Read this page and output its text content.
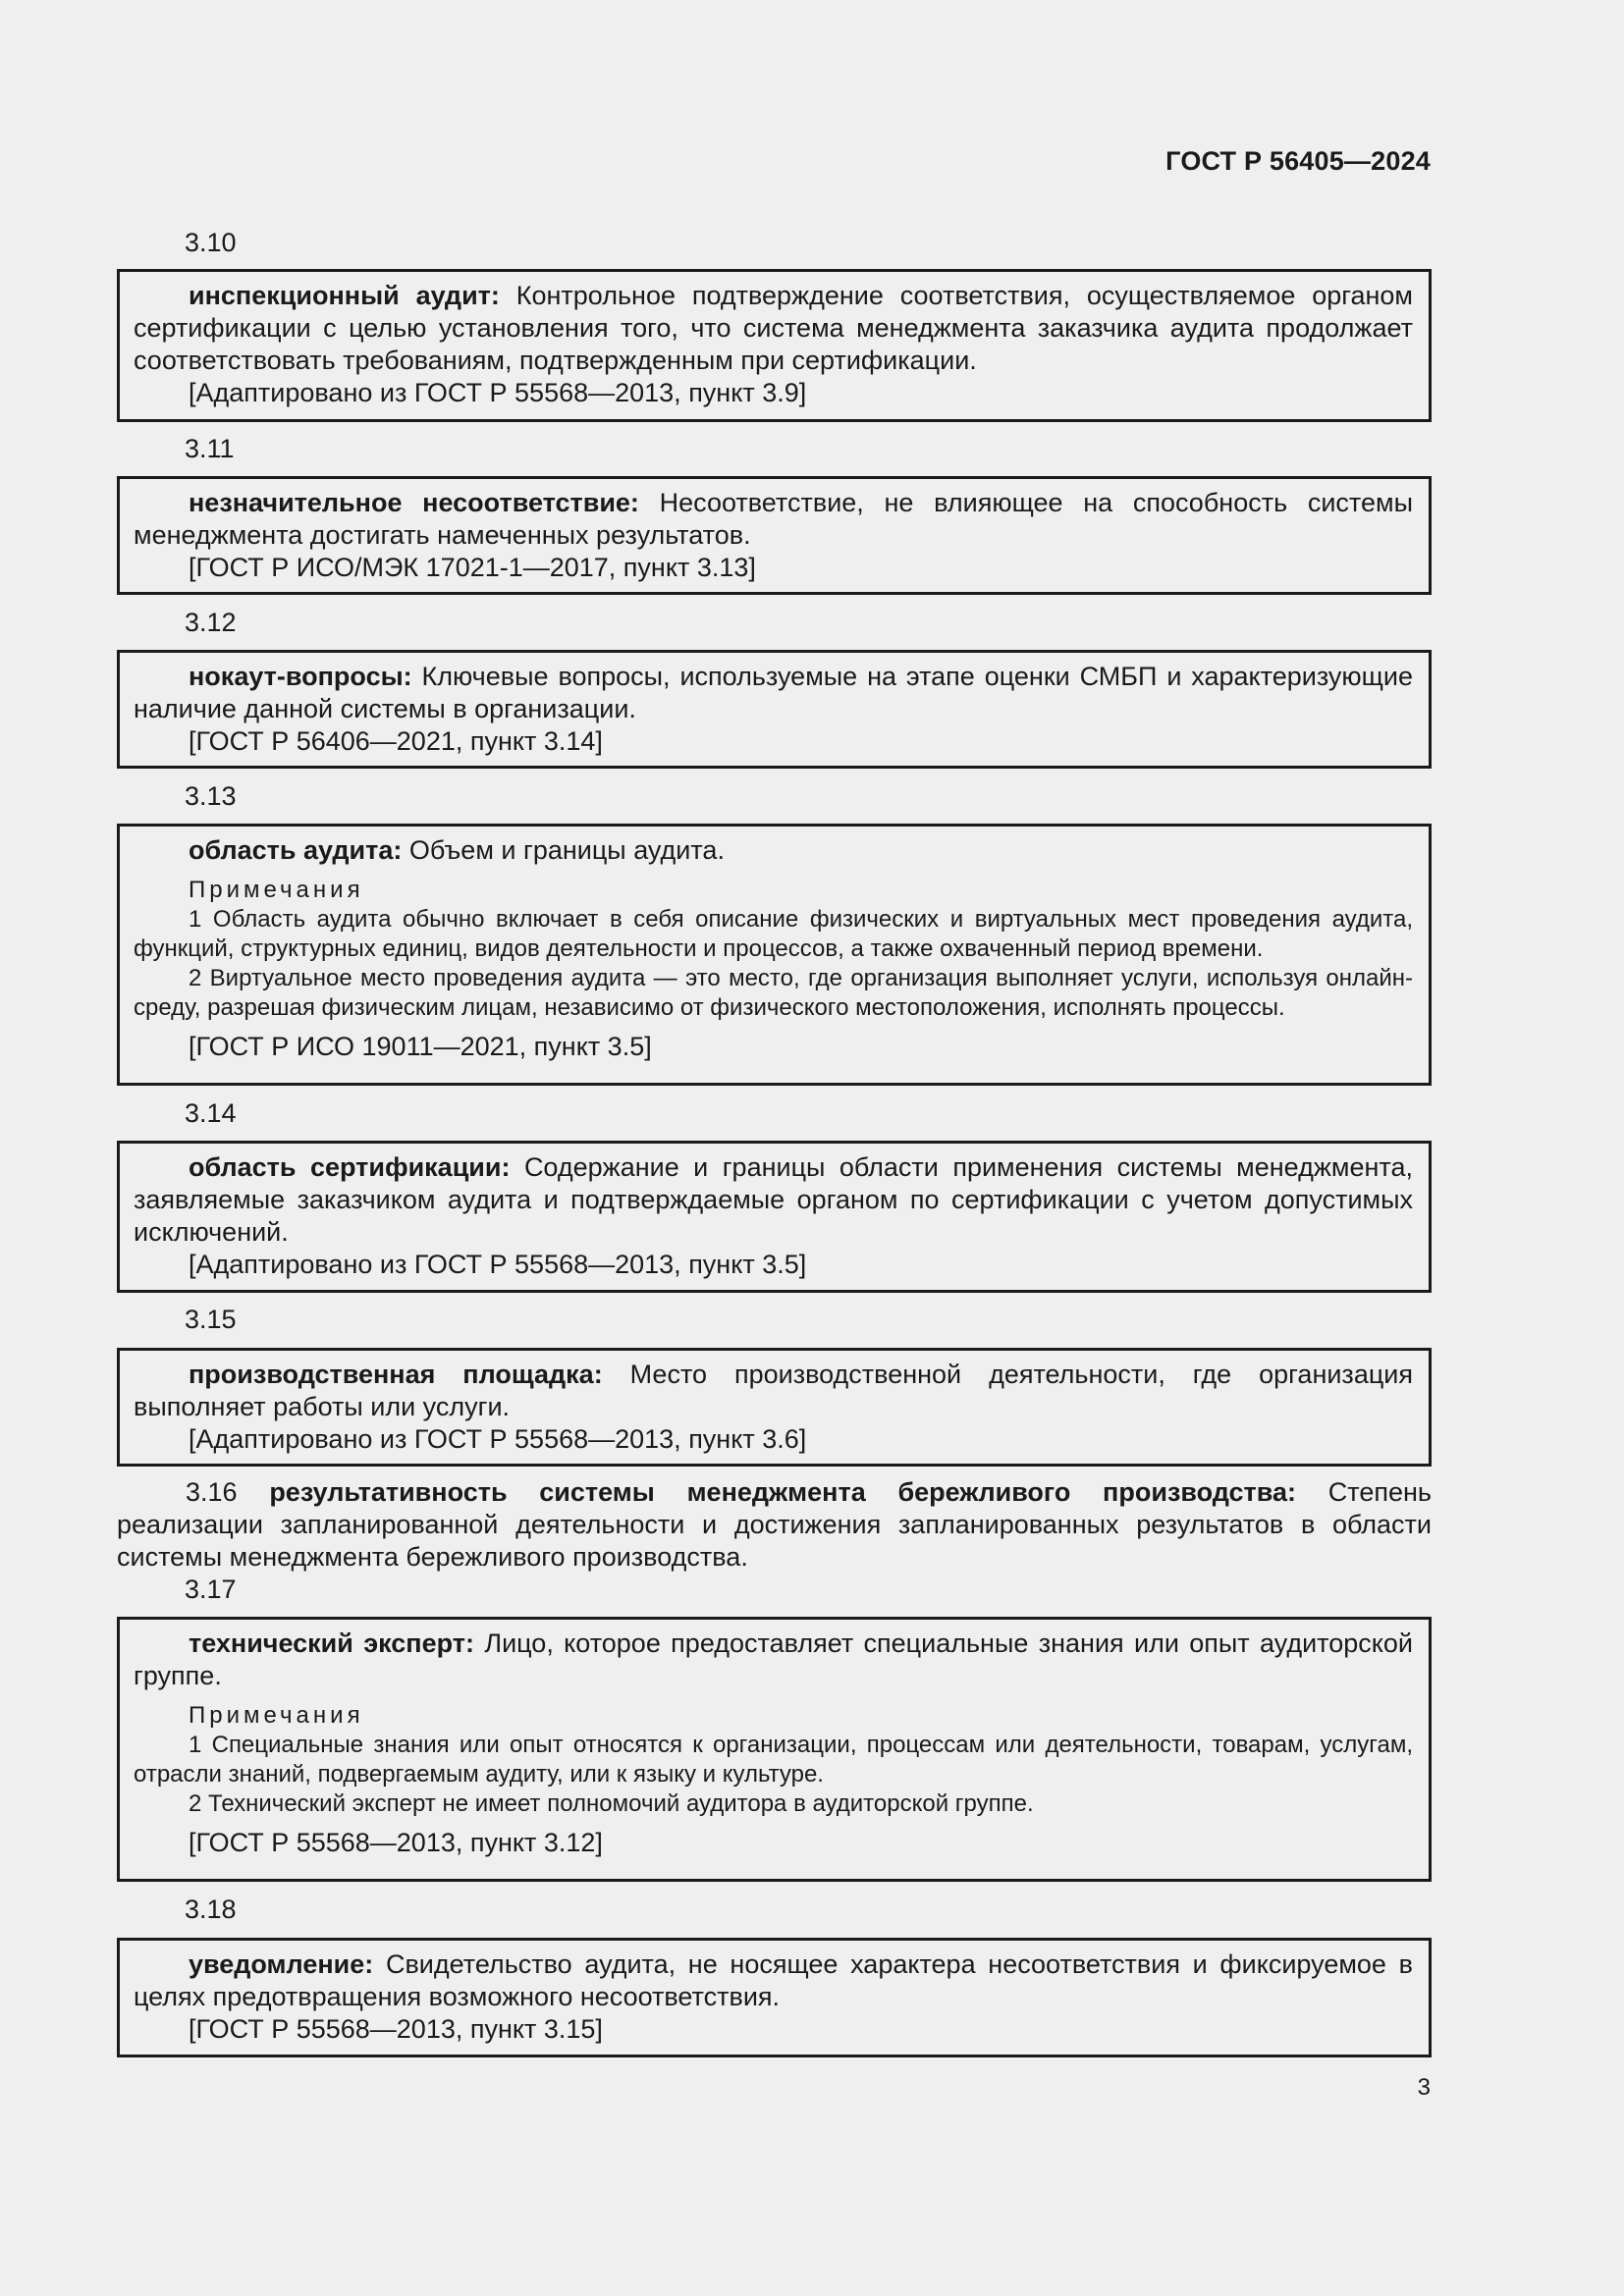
ГОСТ Р 56405—2024
3.10

инспекционный аудит: Контрольное подтверждение соответствия, осуществляемое органом сертификации с целью установления того, что система менеджмента заказчика аудита продолжает соответствовать требованиям, подтвержденным при сертификации.

[Адаптировано из ГОСТ Р 55568—2013, пункт 3.9]

3.11

незначительное несоответствие: Несоответствие, не влияющее на способность системы менеджмента достигать намеченных результатов.

[ГОСТ Р ИСО/МЭК 17021-1—2017, пункт 3.13]

3.12

нокаут-вопросы: Ключевые вопросы, используемые на этапе оценки СМБП и характеризующие наличие данной системы в организации.

[ГОСТ Р 56406—2021, пункт 3.14]

3.13

область аудита: Объем и границы аудита.

Примечания

1 Область аудита обычно включает в себя описание физических и виртуальных мест проведения аудита, функций, структурных единиц, видов деятельности и процессов, а также охваченный период времени.

2 Виртуальное место проведения аудита — это место, где организация выполняет услуги, используя онлайн-среду, разрешая физическим лицам, независимо от физического местоположения, исполнять процессы.

[ГОСТ Р ИСО 19011—2021, пункт 3.5]

3.14

область сертификации: Содержание и границы области применения системы менеджмента, заявляемые заказчиком аудита и подтверждаемые органом по сертификации с учетом допустимых исключений.

[Адаптировано из ГОСТ Р 55568—2013, пункт 3.5]

3.15

производственная площадка: Место производственной деятельности, где организация выполняет работы или услуги.

[Адаптировано из ГОСТ Р 55568—2013, пункт 3.6]

3.16 результативность системы менеджмента бережливого производства: Степень реализации запланированной деятельности и достижения запланированных результатов в области системы менеджмента бережливого производства.

3.17

технический эксперт: Лицо, которое предоставляет специальные знания или опыт аудиторской группе.

Примечания

1 Специальные знания или опыт относятся к организации, процессам или деятельности, товарам, услугам, отрасли знаний, подвергаемым аудиту, или к языку и культуре.

2 Технический эксперт не имеет полномочий аудитора в аудиторской группе.

[ГОСТ Р 55568—2013, пункт 3.12]

3.18

уведомление: Свидетельство аудита, не носящее характера несоответствия и фиксируемое в целях предотвращения возможного несоответствия.

[ГОСТ Р 55568—2013, пункт 3.15]

3
